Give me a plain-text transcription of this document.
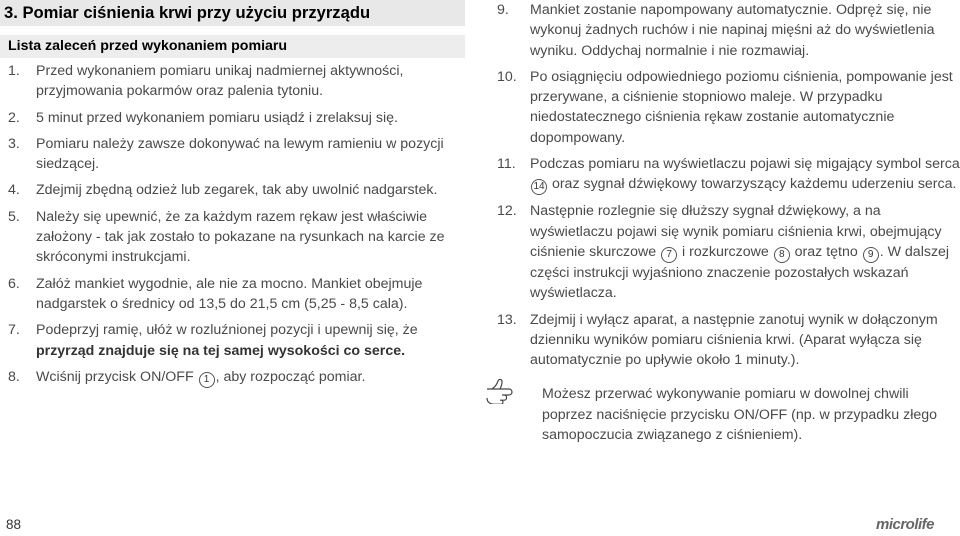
3. Pomiar ciśnienia krwi przy użyciu przyrządu
Lista zaleceń przed wykonaniem pomiaru
1. Przed wykonaniem pomiaru unikaj nadmiernej aktywności, przyjmowania pokarmów oraz palenia tytoniu.
2. 5 minut przed wykonaniem pomiaru usiądź i zrelaksuj się.
3. Pomiaru należy zawsze dokonywać na lewym ramieniu w pozycji siedzącej.
4. Zdejmij zbędną odzież lub zegarek, tak aby uwolnić nadgarstek.
5. Należy się upewnić, że za każdym razem rękaw jest właściwie założony - tak jak zostało to pokazane na rysunkach na karcie ze skróconymi instrukcjami.
6. Załóż mankiet wygodnie, ale nie za mocno. Mankiet obejmuje nadgarstek o średnicy od 13,5 do 21,5 cm (5,25 - 8,5 cala).
7. Podeprzyj ramię, ułóż w rozluźnionej pozycji i upewnij się, że przyrząd znajduje się na tej samej wysokości co serce.
8. Wciśnij przycisk ON/OFF 1 , aby rozpocząć pomiar.
9. Mankiet zostanie napompowany automatycznie. Odpręż się, nie wykonuj żadnych ruchów i nie napinaj mięśni aż do wyświetlenia wyniku. Oddychaj normalnie i nie rozmawiaj.
10. Po osiągnięciu odpowiedniego poziomu ciśnienia, pompowanie jest przerywane, a ciśnienie stopniowo maleje. W przypadku niedostatecznego ciśnienia rękaw zostanie automatycznie dopompowany.
11. Podczas pomiaru na wyświetlaczu pojawi się migający symbol serca 14 oraz sygnał dźwiękowy towarzyszący każdemu uderzeniu serca.
12. Następnie rozlegnie się dłuższy sygnał dźwiękowy, a na wyświetlaczu pojawi się wynik pomiaru ciśnienia krwi, obejmujący ciśnienie skurczowe 7 i rozkurczowe 8 oraz tętno 9 . W dalszej części instrukcji wyjaśniono znaczenie pozostałych wskazań wyświetlacza.
13. Zdejmij i wyłącz aparat, a następnie zanotuj wynik w dołączonym dzienniku wyników pomiaru ciśnienia krwi. (Aparat wyłącza się automatycznie po upływie około 1 minuty.).
Możesz przerwać wykonywanie pomiaru w dowolnej chwili poprzez naciśnięcie przycisku ON/OFF (np. w przypadku złego samopoczucia związanego z ciśnieniem).
88	microlife
